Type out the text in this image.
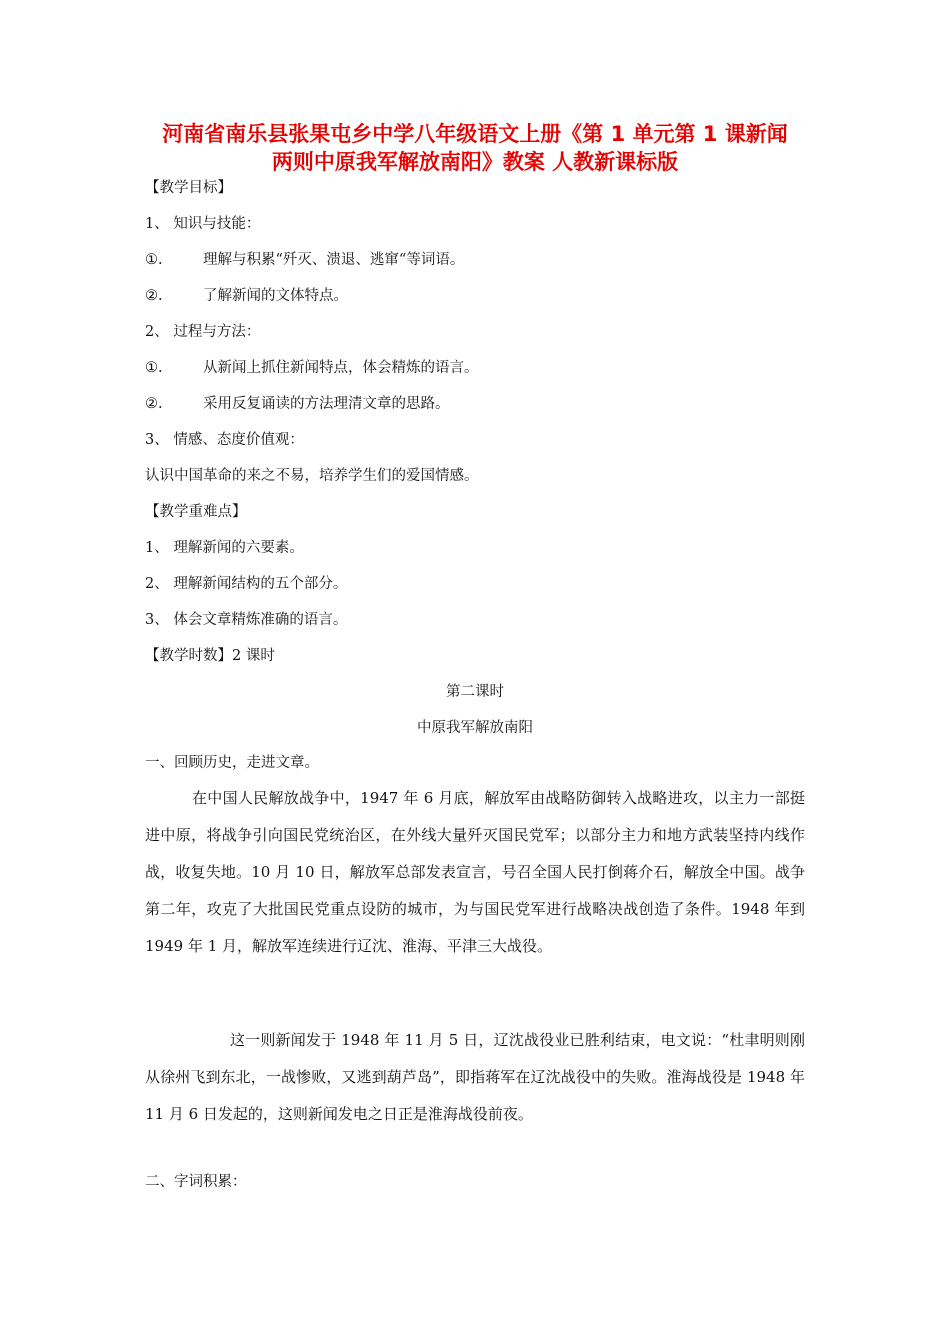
河南省南乐县张果屯乡中学八年级语文上册《第 1 单元第 1 课新闻
两则中原我军解放南阳》教案 人教新课标版
【教学目标】
1、 知识与技能：
①.	理解与积累“歼灭、溃退、逃窜“等词语。
②.	了解新闻的文体特点。
2、 过程与方法：
①.	从新闻上抓住新闻特点，体会精炼的语言。
②.	采用反复诵读的方法理清文章的思路。
3、 情感、态度价值观：
认识中国革命的来之不易，培养学生们的爱国情感。
【教学重难点】
1、 理解新闻的六要素。
2、 理解新闻结构的五个部分。
3、 体会文章精炼准确的语言。
【教学时数】2 课时
第二课时
中原我军解放南阳
一、回顾历史，走进文章。
在中国人民解放战争中，1947 年 6 月底，解放军由战略防御转入战略进攻，以主力一部挺进中原，将战争引向国民党统治区，在外线大量歼灭国民党军；以部分主力和地方武装坚持内线作战，收复失地。10 月 10 日，解放军总部发表宣言，号召全国人民打倒蒋介石，解放全中国。战争第二年，攻克了大批国民党重点设防的城市，为与国民党军进行战略决战创造了条件。1948 年到 1949 年 1 月，解放军连续进行辽沈、淮海、平津三大战役。
这一则新闻发于 1948 年 11 月 5 日，辽沈战役业已胜利结束，电文说：“杜聿明则刚从徐州飞到东北，一战惨败，又逃到葫芦岛”，即指蒋军在辽沈战役中的失败。淮海战役是 1948 年 11 月 6 日发起的，这则新闻发电之日正是淮海战役前夜。
二、字词积累：
